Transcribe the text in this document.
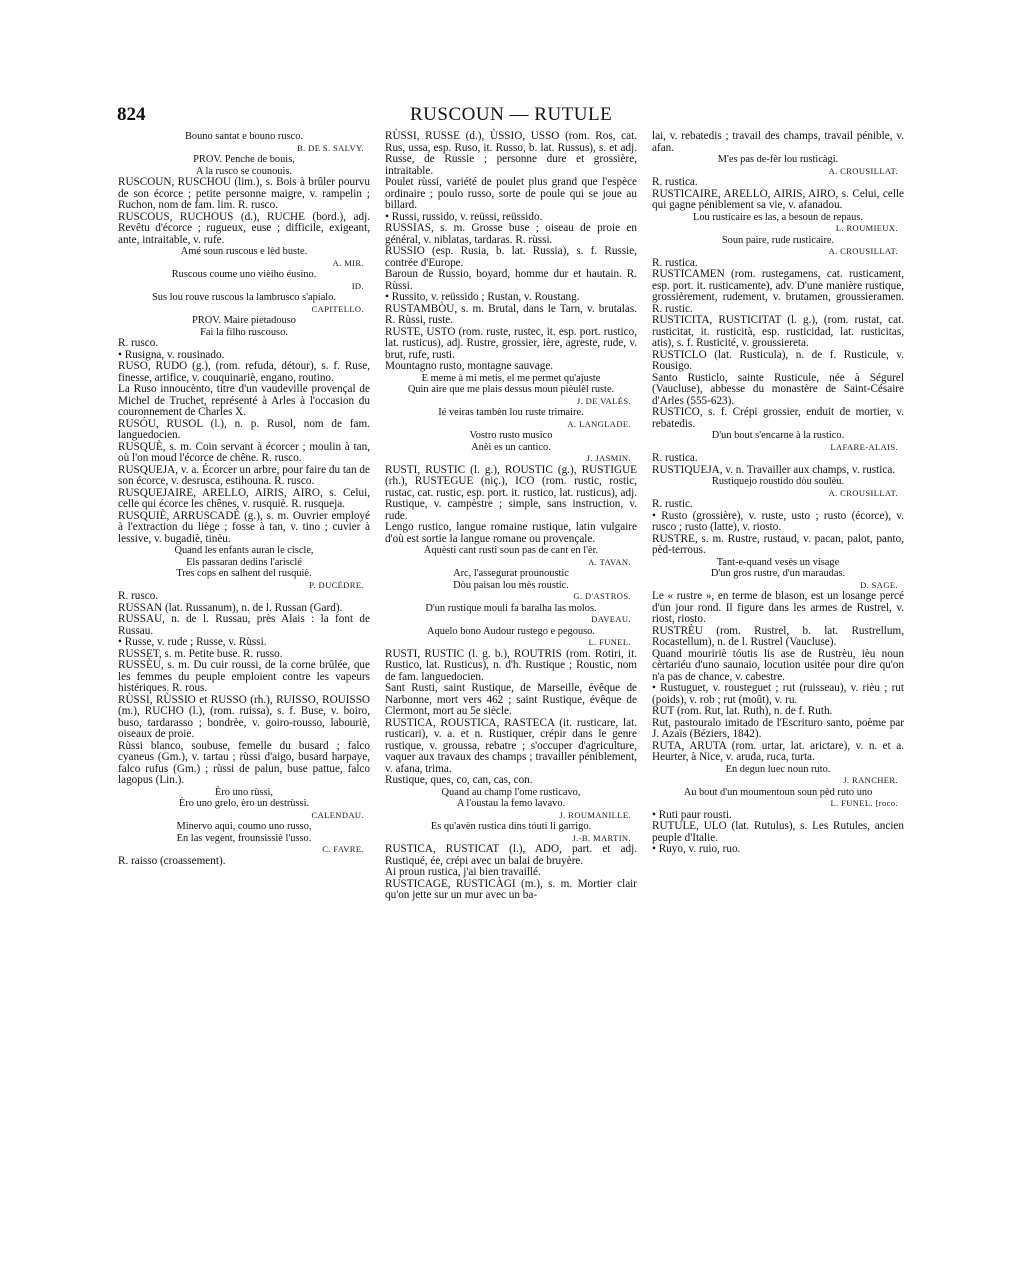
824	RUSCOUN — RUTULE

Bouno santat e bouno rusco.

B. DE S. SALVY.

PROV. Penche de bouis,
A la rusco se counouis.

RUSCOUN, RUSCHOU (lim.), s. Bois à brûler pourvu de son écorce ; petite personne maigre, v. rampelin ; Ruchon, nom de fam. lim. R. rusco.

RUSCOUS, RUCHOUS (d.), RUCHE (bord.), adj. Revêtu d'écorce ; rugueux, euse ; difficile, exigeant, ante, intraitable, v. rufe.

Amé soun ruscous e lèd buste.

A. MIR.

Ruscous coume uno vièiho éusino.

ID.

Sus lou rouve ruscous la lambrusco s'apialo.

CAPITELLO.

PROV. Maire pietadouso
Fai la filho ruscouso.

R. rusco.

• Rusigna, v. rousinado.

RUSO, RUDO (g.), (rom. refuda, détour), s. f. Ruse, finesse, artifice, v. couquinariè, engano, routino.

La Ruso innoucènto, titre d'un vaudeville provençal de Michel de Truchet, représenté à Arles à l'occasion du couronnement de Charles X.

RUSÓU, RUSOL (l.), n. p. Rusol, nom de fam. languedocien.

RUSQUÈ, s. m. Coin servant à écorcer ; moulin à tan, où l'on moud l'écorce de chêne. R. rusco.

RUSQUEJA, v. a. Écorcer un arbre, pour faire du tan de son écorce, v. desrusca, estihouna. R. rusco.

RUSQUEJAIRE, ARELLO, AIRIS, AIRO, s. Celui, celle qui écorce les chênes, v. rusquiè. R. rusqueja.

RUSQUIÈ, ARRUSCADÈ (g.), s. m. Ouvrier employé à l'extraction du liège ; fosse à tan, v. tino ; cuvier à lessive, v. bugadiè, tinèu.

Quand les enfants auran le ciscle,
Els passaran dedins l'arisclé
Tres cops en salhent del rusquiè.

P. DUCÈDRE.

R. rusco.

RUSSAN (lat. Russanum), n. de l. Russan (Gard).

RUSSAU, n. de l. Russau, près Alais : la font de Russau.

• Russe, v. rude ; Russe, v. Rùssi.

RUSSET, s. m. Petite buse. R. russo.

RUSSÈU, s. m. Du cuir roussi, de la corne brûlée, que les femmes du peuple emploient contre les vapeurs histériques. R. rous.

RÙSSI, RÙSSIO et RUSSO (rh.), RUISSO, ROUISSO (m.), RUCHO (l.), (rom. ruissa), s. f. Buse, v. boiro, buso, tardarasso ; bondrèe, v. goiro-rousso, labouriè, oiseaux de proie.

Rùssi blanco, soubuse, femelle du busard ; falco cyaneus (Gm.), v. tartau ; rùssi d'aigo, busard harpaye, falco rufus (Gm.) ; rùssi de palun, buse pattue, falco lagopus (Lin.).

Èro uno rùssi,
Èro uno grelo, èro un destrùssi.

CALENDAU.

Minervo aqui, coumo uno russo,
En las vegent, frounsissiè l'usso.

C. FAVRE.

R. raisso (croassement).

RÙSSI, RUSSE (d.), ÙSSIO, USSO (rom. Ros, cat. Rus, ussa, esp. Ruso, it. Russo, b. lat. Russus), s. et adj. Russe, de Russie ; personne dure et grossière, intraitable.

Poulet rùssi, variété de poulet plus grand que l'espèce ordinaire ; poulo russo, sorte de poule qui se joue au billard.

• Russi, russido, v. reüssi, reüssido.

RUSSIAS, s. m. Grosse buse ; oiseau de proie en général, v. niblatas, tardaras. R. rùssi.

RUSSIO (esp. Rusia, b. lat. Russia), s. f. Russie, contrée d'Europe.

Baroun de Russio, boyard, homme dur et hautain. R. Rùssi.

• Russito, v. reüssido ; Rustan, v. Roustang.

RUSTAMBÒU, s. m. Brutal, dans le Tarn, v. brutalas. R. Rùssi, ruste.

RUSTE, USTO (rom. ruste, rustec, it. esp. port. rustico, lat. rusticus), adj. Rustre, grossier, ière, agreste, rude, v. brut, rufe, rusti.

Mountagno rusto, montagne sauvage.

E meme à mi metis, el me permet qu'ajuste
Quin aire que me plais dessus moun pièulèl ruste.

J. DE VALÈS.

Ié veiras tambèn lou ruste trimaire.

A. LANGLADE.

Vostro rusto musico
Anèi es un cantico.

J. JASMIN.

RUSTI, RUSTIC (l. g.), ROUSTIC (g.), RUSTIGUE (rh.), RUSTEGUE (niç.), ICO (rom. rustic, rostic, rustac, cat. rustic, esp. port. it. rustico, lat. rusticus), adj. Rustique, v. campèstre ; simple, sans instruction, v. rude.

Lengo rustico, langue romaine rustique, latin vulgaire d'où est sortie la langue romane ou provençale.

Aquèsti cant rusti soun pas de cant en l'èr.

A. TAVAN.

Arc, l'assegurat prounoustic
Dòu paisan lou mès roustic.

G. D'ASTROS.

D'un rustique mouli fa baralha las molos.

DAVEAU.

Aquelo bono Audour rustego e pegouso.

L. FUNEL.

RUSTI, RUSTIC (l. g. b.), ROUTRIS (rom. Rotiri, it. Rustico, lat. Rusticus), n. d'h. Rustique ; Roustic, nom de fam. languedocien.

Sant Rusti, saint Rustique, de Marseille, évêque de Narbonne, mort vers 462 ; saint Rustique, évêque de Clermont, mort au 5e siècle.

RUSTICA, ROUSTICA, RASTECA (it. rusticare, lat. rusticari), v. a. et n. Rustiquer, crépir dans le genre rustique, v. groussa, rebatre ; s'occuper d'agriculture, vaquer aux travaux des champs ; travailler péniblement, v. afana, trima.

Rustique, ques, co, can, cas, con.

Quand au champ l'ome rusticavo,
A l'oustau la femo lavavo.

J. ROUMANILLE.

Es qu'avèn rustica dins tóuti li garrigo.

J.-B. MARTIN.

RUSTICA, RUSTICAT (l.), ADO, part. et adj. Rustiqué, ée, crépi avec un balai de bruyère.

Ai proun rustica, j'ai bien travaillé.

RUSTICAGE, RUSTICÀGI (m.), s. m. Mortier clair qu'on jette sur un mur avec un ba-

lai, v. rebatedis ; travail des champs, travail pénible, v. afan.

M'es pas de-fèr lou rusticàgi.

A. CROUSILLAT.

R. rustica.

RUSTICAIRE, ARELLO, AIRIS, AIRO, s. Celui, celle qui gagne péniblement sa vie, v. afanadou.

Lou rusticaire es las, a besoun de repaus.

L. ROUMIEUX.

Soun paire, rude rusticaire.

A. CROUSILLAT.

R. rustica.

RUSTICAMEN (rom. rustegamens, cat. rusticament, esp. port. it. rusticamente), adv. D'une manière rustique, grossièrement, rudement, v. brutamen, groussieramen. R. rustic.

RUSTICITA, RUSTICITAT (l. g.), (rom. rustat, cat. rusticitat, it. rusticità, esp. rusticidad, lat. rusticitas, atis), s. f. Rusticité, v. groussiereta.

RUSTICLO (lat. Rusticula), n. de f. Rusticule, v. Rousigo.

Santo Rusticlo, sainte Rusticule, née à Ségurel (Vaucluse), abbesse du monastère de Saint-Césaire d'Arles (555-623).

RUSTICO, s. f. Crépi grossier, enduit de mortier, v. rebatedis.

D'un bout s'encarne à la rustico.

LAFARE-ALAIS.

R. rustica.

RUSTIQUEJA, v. n. Travailler aux champs, v. rustica.

Rustiquejo roustido dòu soulèu.

A. CROUSILLAT.

R. rustic.

• Rusto (grossière), v. ruste, usto ; rusto (écorce), v. rusco ; rusto (latte), v. riosto.

RUSTRE, s. m. Rustre, rustaud, v. pacan, palot, panto, pèd-terrous.

Tant-e-quand vesès un visage
D'un gros rustre, d'un maraudas.

D. SAGE.

Le « rustre », en terme de blason, est un losange percé d'un jour rond. Il figure dans les armes de Rustrel, v. riost, riosto.

RUSTRÈU (rom. Rustrel, b. lat. Rustrellum, Rocastellum), n. de l. Rustrel (Vaucluse).

Quand mouririè tóutis lis ase de Rustrèu, ièu noun cèrtariéu d'uno saunaio, locution usitée pour dire qu'on n'a pas de chance, v. cabestre.

• Rustuguet, v. rousteguet ; rut (ruisseau), v. rièu ; rut (poids), v. rob ; rut (moût), v. ru.

RUT (rom. Rut, lat. Ruth), n. de f. Ruth.

Rut, pastouralo imitado de l'Escrituro santo, poème par J. Azaïs (Béziers, 1842).

RUTA, ARUTA (rom. urtar, lat. arictare), v. n. et a. Heurter, à Nice, v. aruda, ruca, turta.

En degun luec noun ruto.

J. RANCHER.

Au bout d'un moumentoun soun pèd ruto uno

L. FUNEL. [roco.

• Ruti paur rousti.

RUTULE, ULO (lat. Rutulus), s. Les Rutules, ancien peuple d'Italie.

• Ruyo, v. ruio, ruo.
